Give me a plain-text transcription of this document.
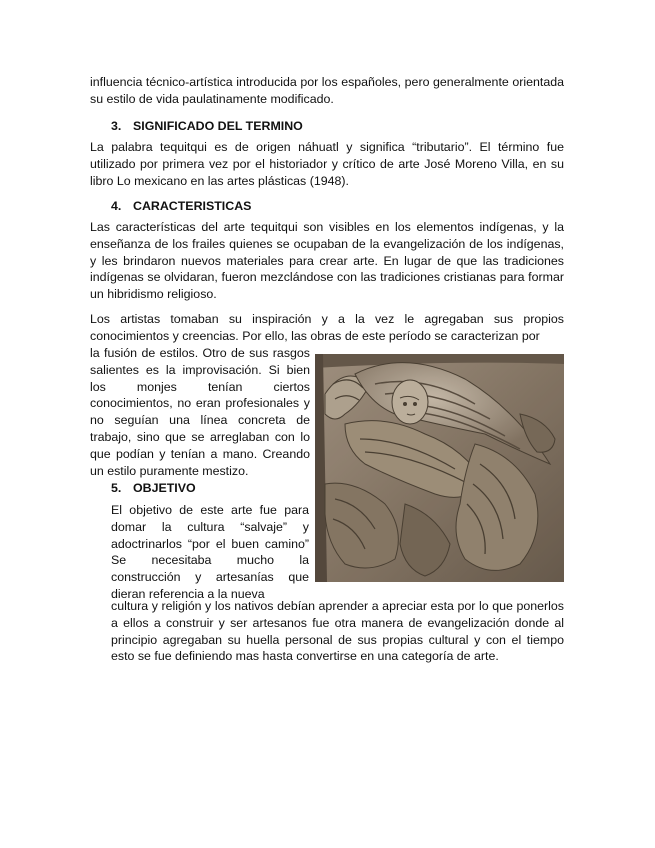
influencia técnico-artística introducida por los españoles, pero generalmente orientada su estilo de vida paulatinamente modificado.

3. SIGNIFICADO DEL TERMINO

La palabra tequitqui es de origen náhuatl y significa “tributario”. El término fue utilizado por primera vez por el historiador y crítico de arte José Moreno Villa, en su libro Lo mexicano en las artes plásticas (1948).

4. CARACTERISTICAS

Las características del arte tequitqui son visibles en los elementos indígenas, y la enseñanza de los frailes quienes se ocupaban de la evangelización de los indígenas, y les brindaron nuevos materiales para crear arte. En lugar de que las tradiciones indígenas se olvidaran, fueron mezclándose con las tradiciones cristianas para formar un hibridismo religioso.

Los artistas tomaban su inspiración y a la vez le agregaban sus propios conocimientos y creencias. Por ello, las obras de este período se caracterizan por

la fusión de estilos. Otro de sus rasgos salientes es la improvisación. Si bien los monjes tenían ciertos conocimientos, no eran profesionales y no seguían una línea concreta de trabajo, sino que se arreglaban con lo que podían y tenían a mano. Creando un estilo puramente mestizo.

5. OBJETIVO

El objetivo de este arte fue para domar la cultura “salvaje” y adoctrinarlos “por el buen camino” Se necesitaba mucho la construcción y artesanías que dieran referencia a la nueva

cultura y religión y los nativos debían aprender a apreciar esta por lo que ponerlos a ellos a construir y ser artesanos fue otra manera de evangelización donde al principio agregaban su huella personal de sus propias cultural y con el tiempo esto se fue definiendo mas hasta convertirse en una categoría de arte.
